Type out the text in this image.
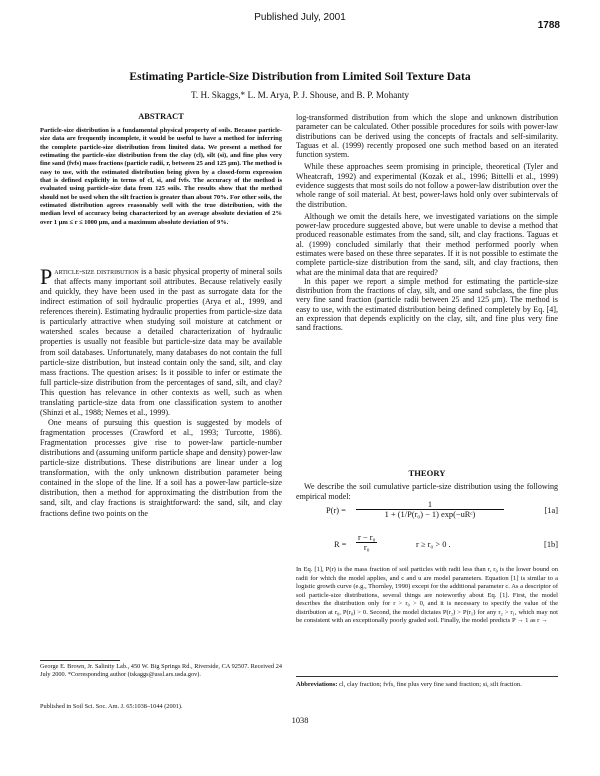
Published July, 2001
1788
Estimating Particle-Size Distribution from Limited Soil Texture Data
T. H. Skaggs,* L. M. Arya, P. J. Shouse, and B. P. Mohanty
ABSTRACT
Particle-size distribution is a fundamental physical property of soils. Because particle-size data are frequently incomplete, it would be useful to have a method for inferring the complete particle-size distribution from limited data. We present a method for estimating the particle-size distribution from the clay (cl), silt (si), and fine plus very fine sand (fvfs) mass fractions (particle radii, r, between 25 and 125 μm). The method is easy to use, with the estimated distribution being given by a closed-form expression that is defined explicitly in terms of cl, si, and fvfs. The accuracy of the method is evaluated using particle-size data from 125 soils. The results show that the method should not be used when the silt fraction is greater than about 70%. For other soils, the estimated distribution agrees reasonably well with the true distribution, with the median level of accuracy being characterized by an average absolute deviation of 2% over 1 μm ≤ r ≤ 1000 μm, and a maximum absolute deviation of 9%.

Particle-size distribution is a basic physical property of mineral soils that affects many important soil attributes. Because relatively easily and quickly, they have been used in the past as surrogate data for the indirect estimation of soil hydraulic properties (Arya et al., 1999, and references therein). Estimating hydraulic properties from particle-size data is particularly attractive when studying soil moisture at catchment or watershed scales because a detailed characterization of hydraulic properties is usually not feasible but particle-size data may be available from soil databases. Unfortunately, many databases do not contain the full particle-size distribution, but instead contain only the sand, silt, and clay mass fractions. The question arises: Is it possible to infer or estimate the full particle-size distribution from the percentages of sand, silt, and clay? This question has relevance in other contexts as well, such as when translating particle-size data from one classification system to another (Shinzi et al., 1988; Nemes et al., 1999).

One means of pursuing this question is suggested by models of fragmentation processes (Crawford et al., 1993; Turcotte, 1986). Fragmentation processes give rise to power-law particle-number distributions and (assuming uniform particle shape and density) power-law particle-size distributions. These distributions are linear under a log transformation, with the only unknown distribution parameter being contained in the slope of the line. If a soil has a power-law particle-size distribution, then a method for approximating the distribution from the sand, silt, and clay fractions is straightforward: the sand, silt, and clay fractions define two points on the

George E. Brown, Jr. Salinity Lab., 450 W. Big Springs Rd., Riverside, CA 92507. Received 24 July 2000. *Corresponding author (tskaggs@ussl.ars.usda.gov).
Published in Soil Sci. Soc. Am. J. 65:1038–1044 (2001).

log-transformed distribution from which the slope and unknown distribution parameter can be calculated. Other possible procedures for soils with power-law distributions can be derived using the concepts of fractals and self-similarity. Taguas et al. (1999) recently proposed one such method based on an iterated function system.

While these approaches seem promising in principle, theoretical (Tyler and Wheatcraft, 1992) and experimental (Kozak et al., 1996; Bittelli et al., 1999) evidence suggests that most soils do not follow a power-law distribution over the whole range of soil material. At best, power-laws hold only over subintervals of the distribution.

Although we omit the details here, we investigated variations on the simple power-law procedure suggested above, but were unable to devise a method that produced reasonable estimates from the sand, silt, and clay fractions. Taguas et al. (1999) concluded similarly that their method performed poorly when estimates were based on these three separates. If it is not possible to estimate the complete particle-size distribution from the sand, silt, and clay fractions, then what are the minimal data that are required?

In this paper we report a simple method for estimating the particle-size distribution from the fractions of clay, silt, and one sand subclass, the fine plus very fine sand fraction (particle radii between 25 and 125 μm). The method is easy to use, with the estimated distribution being defined completely by Eq. [4], an expression that depends explicitly on the clay, silt, and fine plus very fine sand fractions.

THEORY
We describe the soil cumulative particle-size distribution using the following empirical model:
$P(r) = \frac{1}{\text{1 + (1/P(r₀) − 1) exp(−uRᶜ)}}$	[1a]
$R = \frac{\text{r − r₀}}{\text{r₀}}$	r ≥ r₀ > 0 .	[1b]
In Eq. [1], P(r) is the mass fraction of soil particles with radii less than r, r₀ is the lower bound on radii for which the model applies, and c and u are model parameters. Equation [1] is similar to a logistic growth curve (e.g., Thornley, 1990) except for the additional parameter c. As a descriptor of soil particle-size distributions, several things are noteworthy about Eq. [1]. First, the model describes the distribution only for r > r₀ > 0, and it is necessary to specify the value of the distribution at r₀, P(r₀) > 0. Second, the model dictates P(r₂) > P(r₁) for any r₂ > r₁, which may not be consistent with an exceptionally poorly graded soil. Finally, the model predicts P → 1 as r →
Abbreviations: cl, clay fraction; fvfs, fine plus very fine sand fraction; si, silt fraction.
1038
